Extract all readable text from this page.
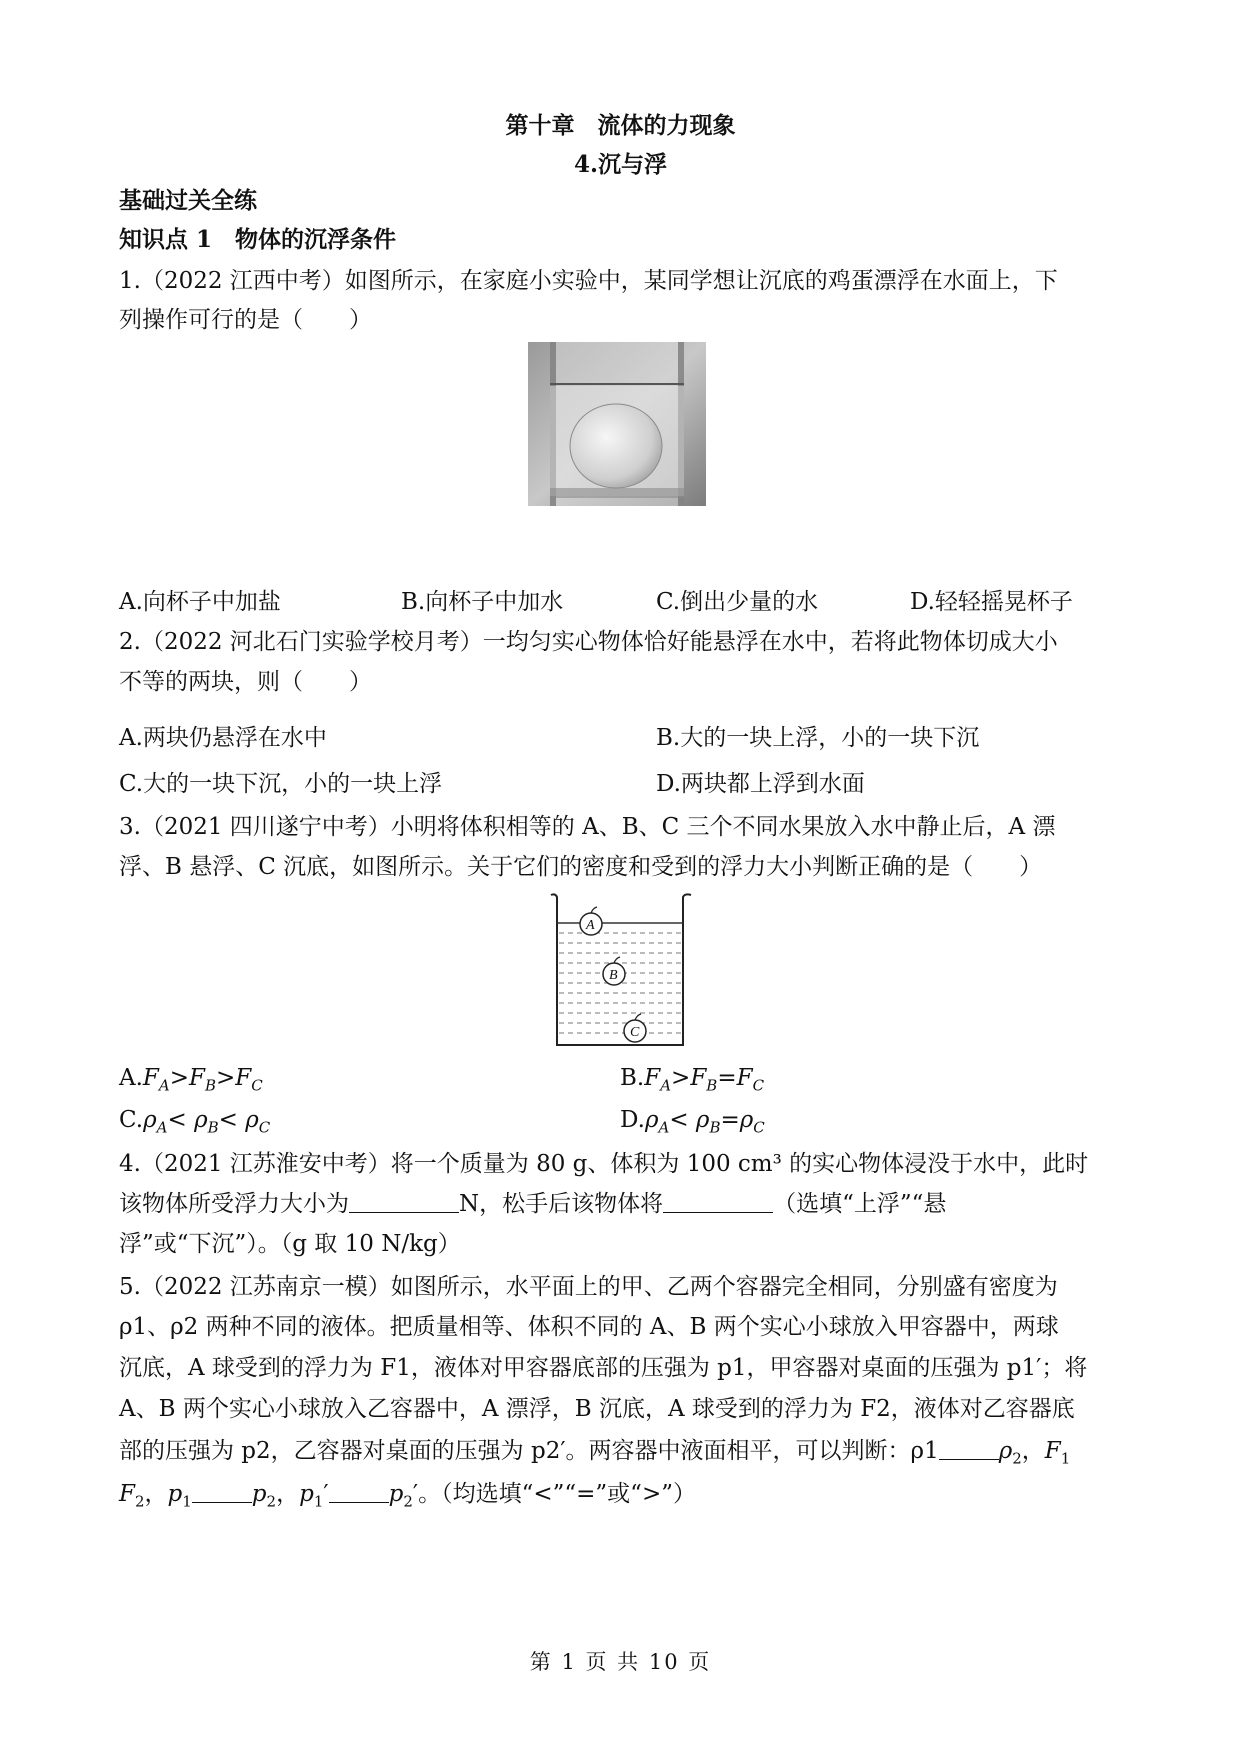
第十章　流体的力现象
4.沉与浮
基础过关全练
知识点 1　物体的沉浮条件
1.（2022 江西中考）如图所示，在家庭小实验中，某同学想让沉底的鸡蛋漂浮在水面上，下
列操作可行的是（　　）
A.向杯子中加盐	B.向杯子中加水	C.倒出少量的水	D.轻轻摇晃杯子
2.（2022 河北石门实验学校月考）一均匀实心物体恰好能悬浮在水中，若将此物体切成大小
不等的两块，则（　　）
A.两块仍悬浮在水中	B.大的一块上浮，小的一块下沉
C.大的一块下沉，小的一块上浮	D.两块都上浮到水面
3.（2021 四川遂宁中考）小明将体积相等的 A、B、C 三个不同水果放入水中静止后，A 漂
浮、B 悬浮、C 沉底，如图所示。关于它们的密度和受到的浮力大小判断正确的是（　　）
A
B
C
$A.F_A>F_B>F_C$	$B.F_A>F_B=F_C$
$C.\rho_A< \rho_B< \rho_C$	$D.\rho_A< \rho_B=\rho_C$
4.（2021 江苏淮安中考）将一个质量为 80 g、体积为 100 cm³ 的实心物体浸没于水中，此时
该物体所受浮力大小为	N，松手后该物体将	（选填“上浮”“悬
浮”或“下沉”）。（g 取 10 N/kg）
5.（2022 江苏南京一模）如图所示，水平面上的甲、乙两个容器完全相同，分别盛有密度为
ρ1、ρ2 两种不同的液体。把质量相等、体积不同的 A、B 两个实心小球放入甲容器中，两球
沉底，A 球受到的浮力为 F1，液体对甲容器底部的压强为 p1，甲容器对桌面的压强为 p1′；将
A、B 两个实心小球放入乙容器中，A 漂浮，B 沉底，A 球受到的浮力为 F2，液体对乙容器底
部的压强为 p2，乙容器对桌面的压强为 p2′。两容器中液面相平，可以判断：ρ1	$\rho_2$，$F_1$
$F_2$，$p_1$	$p_2$，$p_1'$	$p_2'$。（均选填“<”“=”或“>”）
第 1 页 共 10 页
